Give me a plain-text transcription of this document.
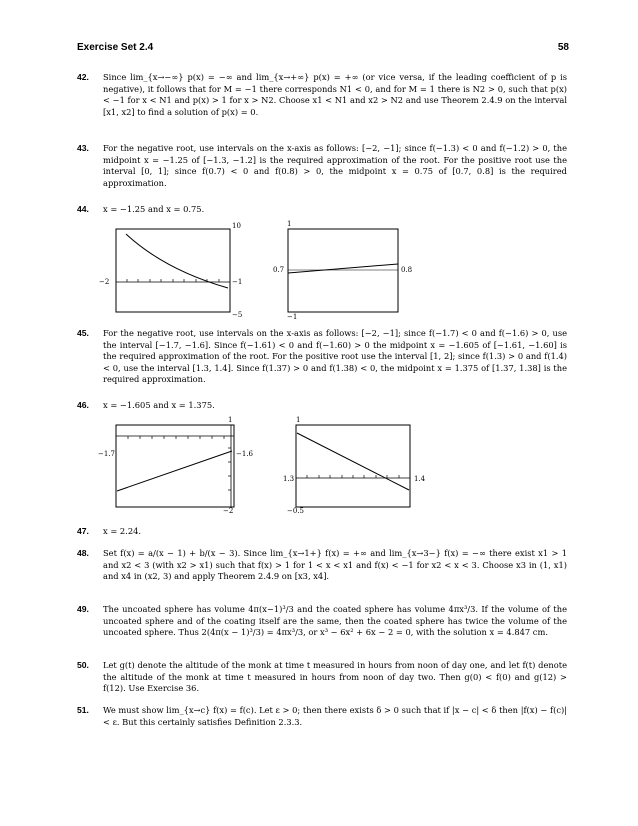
Exercise Set 2.4	58
42. Since lim_{x→−∞} p(x) = −∞ and lim_{x→+∞} p(x) = +∞ (or vice versa, if the leading coefficient of p is negative), it follows that for M = −1 there corresponds N1 < 0, and for M = 1 there is N2 > 0, such that p(x) < −1 for x < N1 and p(x) > 1 for x > N2. Choose x1 < N1 and x2 > N2 and use Theorem 2.4.9 on the interval [x1, x2] to find a solution of p(x) = 0.

43. For the negative root, use intervals on the x-axis as follows: [−2, −1]; since f(−1.3) < 0 and f(−1.2) > 0, the midpoint x = −1.25 of [−1.3, −1.2] is the required approximation of the root. For the positive root use the interval [0, 1]; since f(0.7) < 0 and f(0.8) > 0, the midpoint x = 0.75 of [0.7, 0.8] is the required approximation.

44. x = −1.25 and x = 0.75.

10
−5
−2	−1
1
−1
0.7	0.8
45. For the negative root, use intervals on the x-axis as follows: [−2, −1]; since f(−1.7) < 0 and f(−1.6) > 0, use the interval [−1.7, −1.6]. Since f(−1.61) < 0 and f(−1.60) > 0 the midpoint x = −1.605 of [−1.61, −1.60] is the required approximation of the root. For the positive root use the interval [1, 2]; since f(1.3) > 0 and f(1.4) < 0, use the interval [1.3, 1.4]. Since f(1.37) > 0 and f(1.38) < 0, the midpoint x = 1.375 of [1.37, 1.38] is the required approximation.

46. x = −1.605 and x = 1.375.

1
−2
−1.7	−1.6
1
−0.5
1.3	1.4
47. x = 2.24.

48. Set f(x) = a/(x − 1) + b/(x − 3). Since lim_{x→1+} f(x) = +∞ and lim_{x→3−} f(x) = −∞ there exist x1 > 1 and x2 < 3 (with x2 > x1) such that f(x) > 1 for 1 < x < x1 and f(x) < −1 for x2 < x < 3. Choose x3 in (1, x1) and x4 in (x2, 3) and apply Theorem 2.4.9 on [x3, x4].

49. The uncoated sphere has volume 4π(x−1)³/3 and the coated sphere has volume 4πx³/3. If the volume of the uncoated sphere and of the coating itself are the same, then the coated sphere has twice the volume of the uncoated sphere. Thus 2(4π(x − 1)³/3) = 4πx³/3, or x³ − 6x² + 6x − 2 = 0, with the solution x = 4.847 cm.

50. Let g(t) denote the altitude of the monk at time t measured in hours from noon of day one, and let f(t) denote the altitude of the monk at time t measured in hours from noon of day two. Then g(0) < f(0) and g(12) > f(12). Use Exercise 36.

51. We must show lim_{x→c} f(x) = f(c). Let ε > 0; then there exists δ > 0 such that if |x − c| < δ then |f(x) − f(c)| < ε. But this certainly satisfies Definition 2.3.3.
